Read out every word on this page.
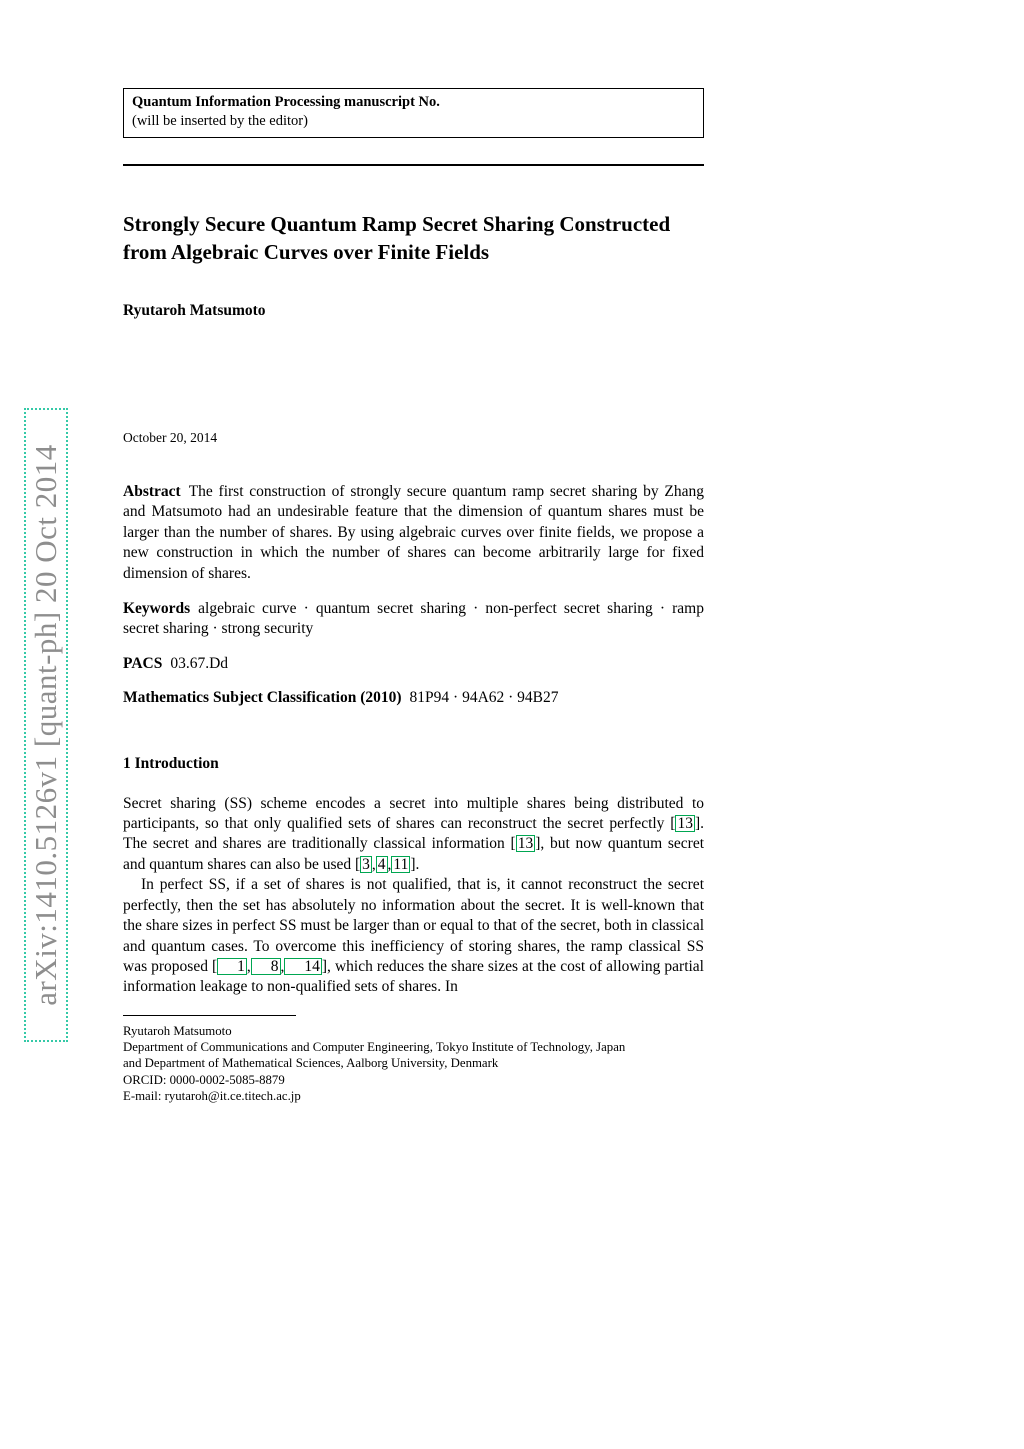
arXiv:1410.5126v1 [quant-ph] 20 Oct 2014
Quantum Information Processing manuscript No.
(will be inserted by the editor)
Strongly Secure Quantum Ramp Secret Sharing Constructed from Algebraic Curves over Finite Fields
Ryutaroh Matsumoto
October 20, 2014

Abstract The first construction of strongly secure quantum ramp secret sharing by Zhang and Matsumoto had an undesirable feature that the dimension of quantum shares must be larger than the number of shares. By using algebraic curves over finite fields, we propose a new construction in which the number of shares can become arbitrarily large for fixed dimension of shares.

Keywords algebraic curve · quantum secret sharing · non-perfect secret sharing · ramp secret sharing · strong security

PACS 03.67.Dd

Mathematics Subject Classification (2010) 81P94 · 94A62 · 94B27

1 Introduction

Secret sharing (SS) scheme encodes a secret into multiple shares being distributed to participants, so that only qualified sets of shares can reconstruct the secret perfectly [ 13 ]. The secret and shares are traditionally classical information [ 13 ], but now quantum secret and quantum shares can also be used [ 3 , 4 , 11 ].

In perfect SS, if a set of shares is not qualified, that is, it cannot reconstruct the secret perfectly, then the set has absolutely no information about the secret. It is well-known that the share sizes in perfect SS must be larger than or equal to that of the secret, both in classical and quantum cases. To overcome this inefficiency of storing shares, the ramp classical SS was proposed [ 1 , 8 , 14 ], which reduces the share sizes at the cost of allowing partial information leakage to non-qualified sets of shares. In

Ryutaroh Matsumoto
Department of Communications and Computer Engineering, Tokyo Institute of Technology, Japan
and Department of Mathematical Sciences, Aalborg University, Denmark
ORCID: 0000-0002-5085-8879
E-mail: ryutaroh@it.ce.titech.ac.jp
